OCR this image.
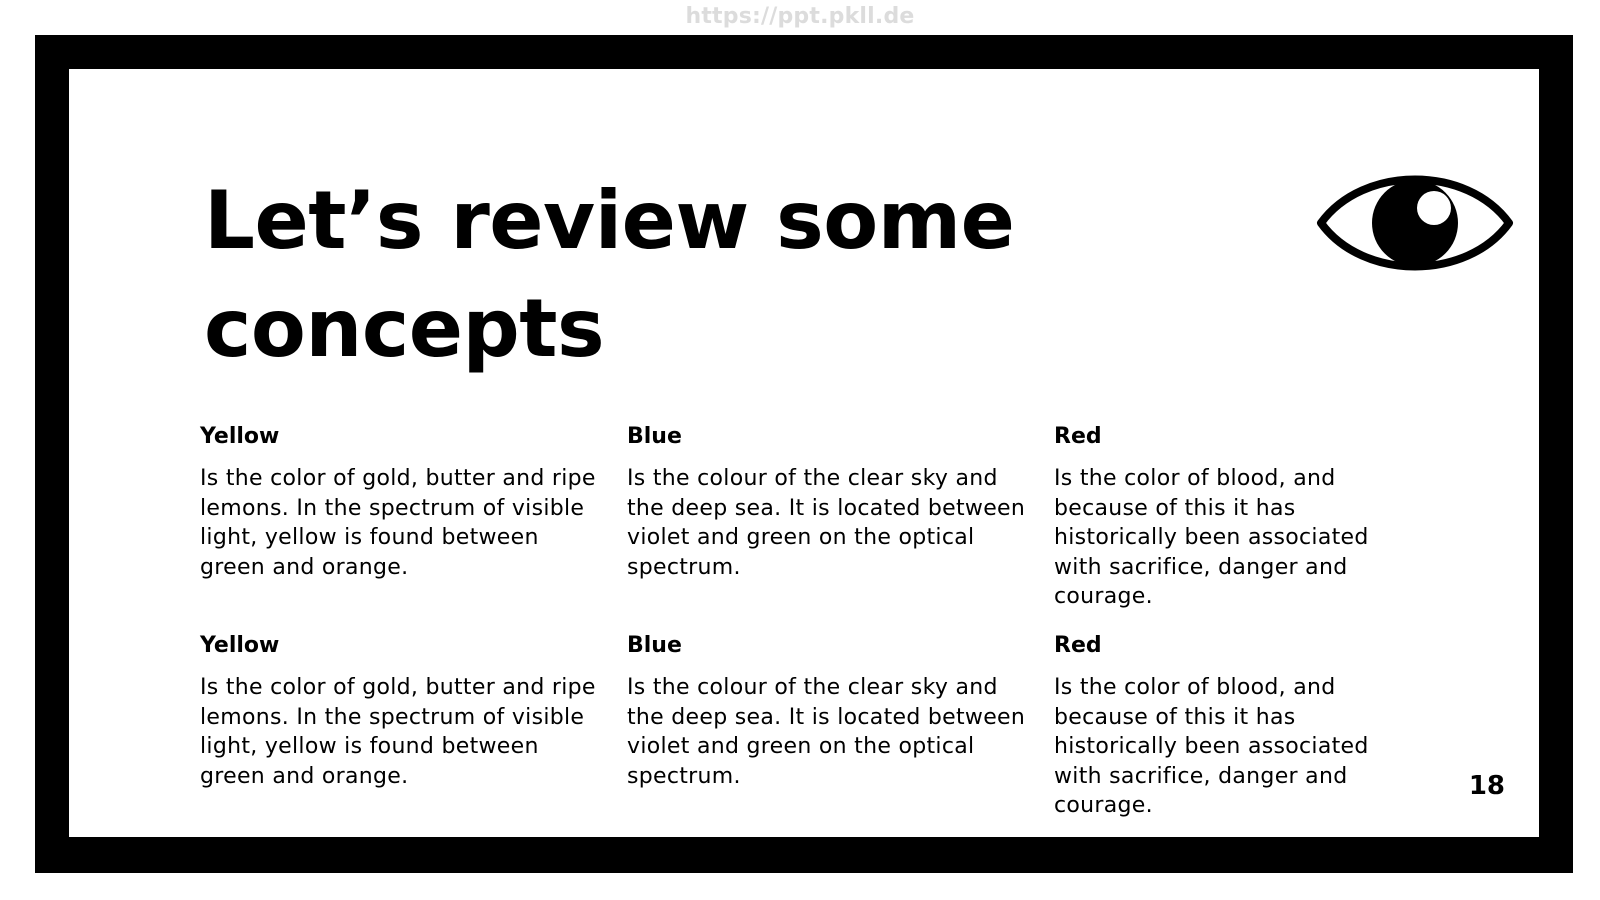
https://ppt.pkll.de
Let’s review some concepts
Yellow

Is the color of gold, butter and ripe lemons. In the spectrum of visible light, yellow is found between green and orange.

Blue

Is the colour of the clear sky and the deep sea. It is located between violet and green on the optical spectrum.

Red

Is the color of blood, and because of this it has historically been associated with sacrifice, danger and courage.

Yellow

Is the color of gold, butter and ripe lemons. In the spectrum of visible light, yellow is found between green and orange.

Blue

Is the colour of the clear sky and the deep sea. It is located between violet and green on the optical spectrum.

Red

Is the color of blood, and because of this it has historically been associated with sacrifice, danger and courage.

18
